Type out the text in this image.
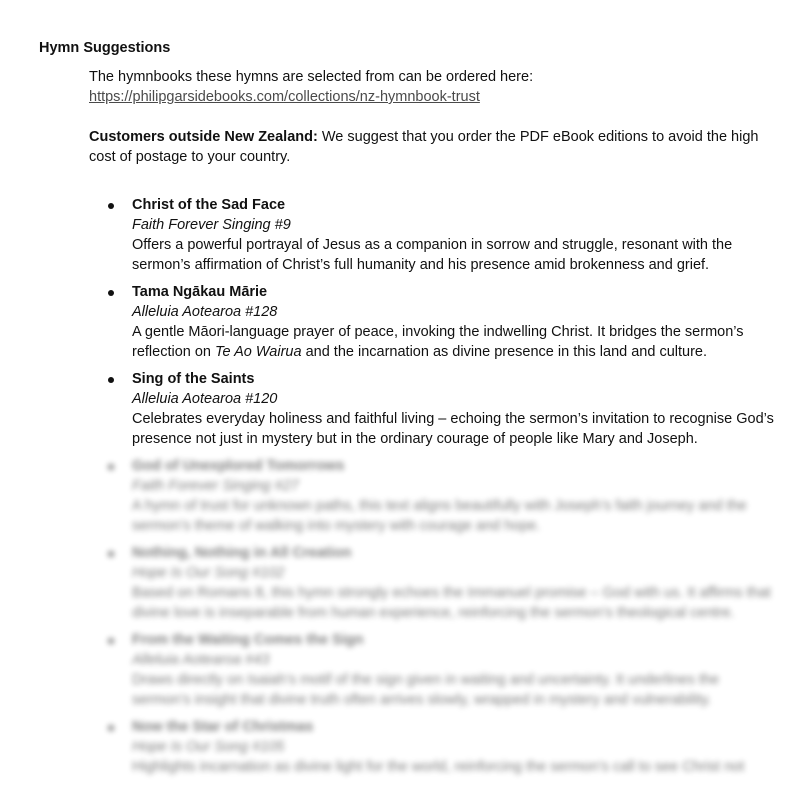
Hymn Suggestions
The hymnbooks these hymns are selected from can be ordered here:
https://philipgarsidebooks.com/collections/nz-hymnbook-trust
Customers outside New Zealand: We suggest that you order the PDF eBook editions to avoid the high cost of postage to your country.
Christ of the Sad Face
Faith Forever Singing #9
Offers a powerful portrayal of Jesus as a companion in sorrow and struggle, resonant with the sermon’s affirmation of Christ’s full humanity and his presence amid brokenness and grief.
Tama Ngākau Mārie
Alleluia Aotearoa #128
A gentle Māori-language prayer of peace, invoking the indwelling Christ. It bridges the sermon’s reflection on Te Ao Wairua and the incarnation as divine presence in this land and culture.
Sing of the Saints
Alleluia Aotearoa #120
Celebrates everyday holiness and faithful living – echoing the sermon’s invitation to recognise God’s presence not just in mystery but in the ordinary courage of people like Mary and Joseph.
God of Unexplored Tomorrows
Faith Forever Singing #27
A hymn of trust for unknown paths, this text aligns beautifully with Joseph’s faith journey and the sermon’s theme of walking into mystery with courage and hope.
Nothing, Nothing in All Creation
Hope Is Our Song #102
Based on Romans 8, this hymn strongly echoes the Immanuel promise – God with us. It affirms that divine love is inseparable from human experience, reinforcing the sermon’s theological centre.
From the Waiting Comes the Sign
Alleluia Aotearoa #43
Draws directly on Isaiah’s motif of the sign given in waiting and uncertainty. It underlines the sermon’s insight that divine truth often arrives slowly, wrapped in mystery and vulnerability.
Now the Star of Christmas
Hope Is Our Song #105
Highlights incarnation as divine light for the world, reinforcing the sermon’s call to see Christ not
